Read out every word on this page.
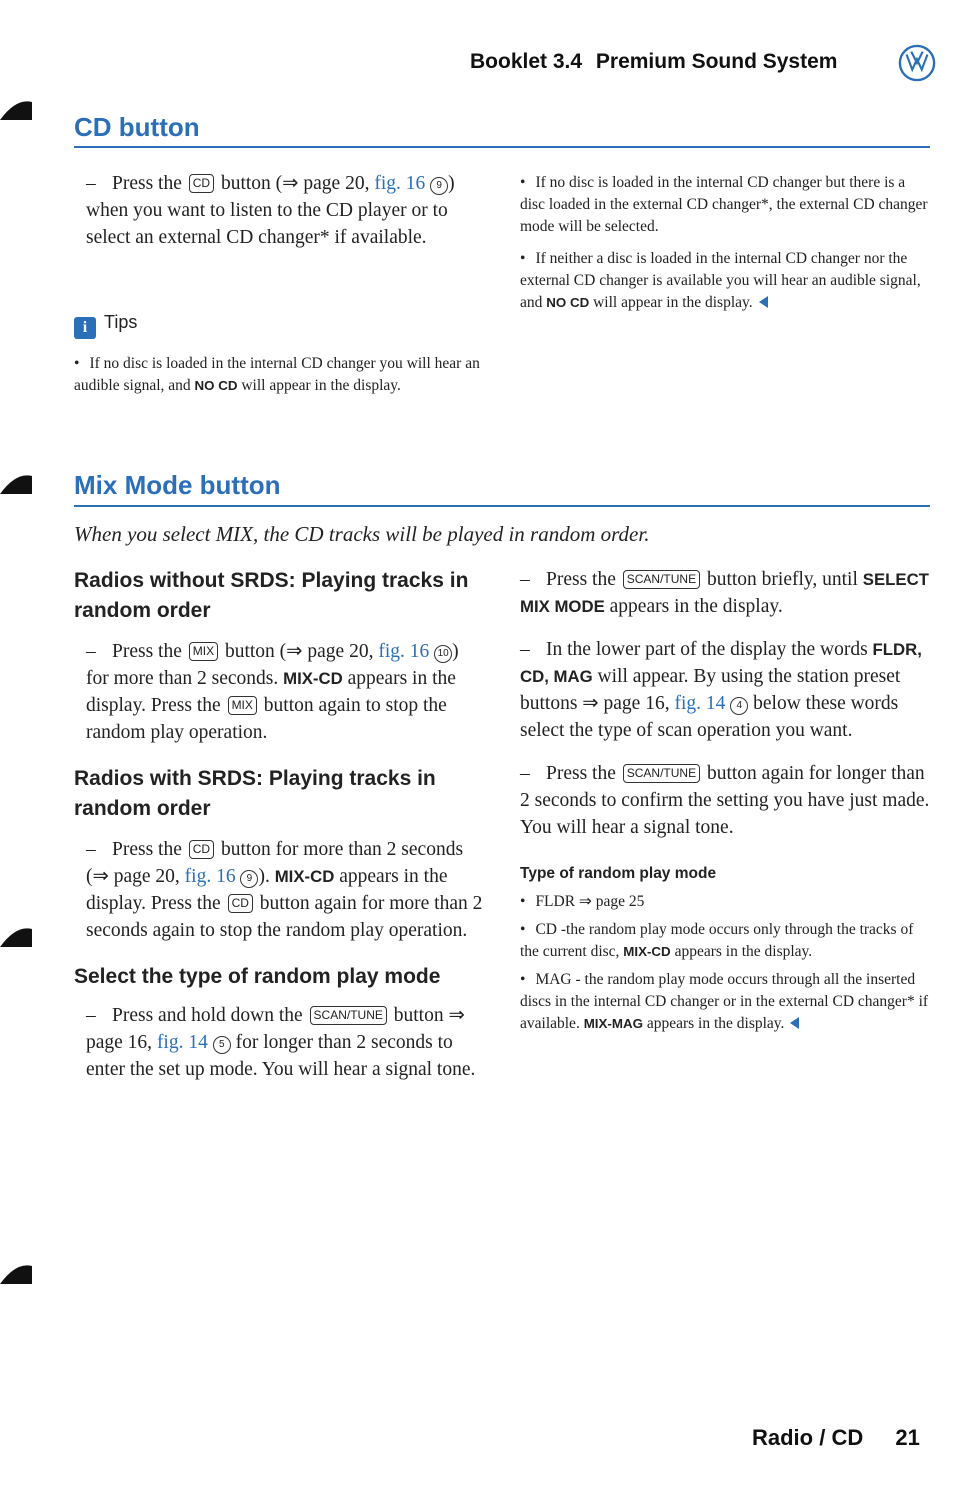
Booklet 3.4 Premium Sound System
CD button

– Press the CD button (⇒ page 20, fig. 16 9 ) when you want to listen to the CD player or to select an external CD changer* if available.

i Tips

• If no disc is loaded in the internal CD changer you will hear an audible signal, and NO CD will appear in the display.

• If no disc is loaded in the internal CD changer but there is a disc loaded in the external CD changer*, the external CD changer mode will be selected.

• If neither a disc is loaded in the internal CD changer nor the external CD changer is available you will hear an audible signal, and NO CD will appear in the display.

Mix Mode button

When you select MIX, the CD tracks will be played in random order.

Radios without SRDS: Playing tracks in random order

– Press the MIX button (⇒ page 20, fig. 16 10 ) for more than 2 seconds. MIX-CD appears in the display. Press the MIX button again to stop the random play operation.

Radios with SRDS: Playing tracks in random order

– Press the CD button for more than 2 seconds (⇒ page 20, fig. 16 9 ). MIX-CD appears in the display. Press the CD button again for more than 2 seconds again to stop the random play operation.

Select the type of random play mode

– Press and hold down the SCAN/TUNE button ⇒ page 16, fig. 14 5 for longer than 2 seconds to enter the set up mode. You will hear a signal tone.

– Press the SCAN/TUNE button briefly, until SELECT MIX MODE appears in the display.

– In the lower part of the display the words FLDR, CD, MAG will appear. By using the station preset buttons ⇒ page 16, fig. 14 4 below these words select the type of scan operation you want.

– Press the SCAN/TUNE button again for longer than 2 seconds to confirm the setting you have just made. You will hear a signal tone.

Type of random play mode

• FLDR ⇒ page 25

• CD -the random play mode occurs only through the tracks of the current disc, MIX-CD appears in the display.

• MAG - the random play mode occurs through all the inserted discs in the internal CD changer or in the external CD changer* if available. MIX-MAG appears in the display.

Radio / CD 21
